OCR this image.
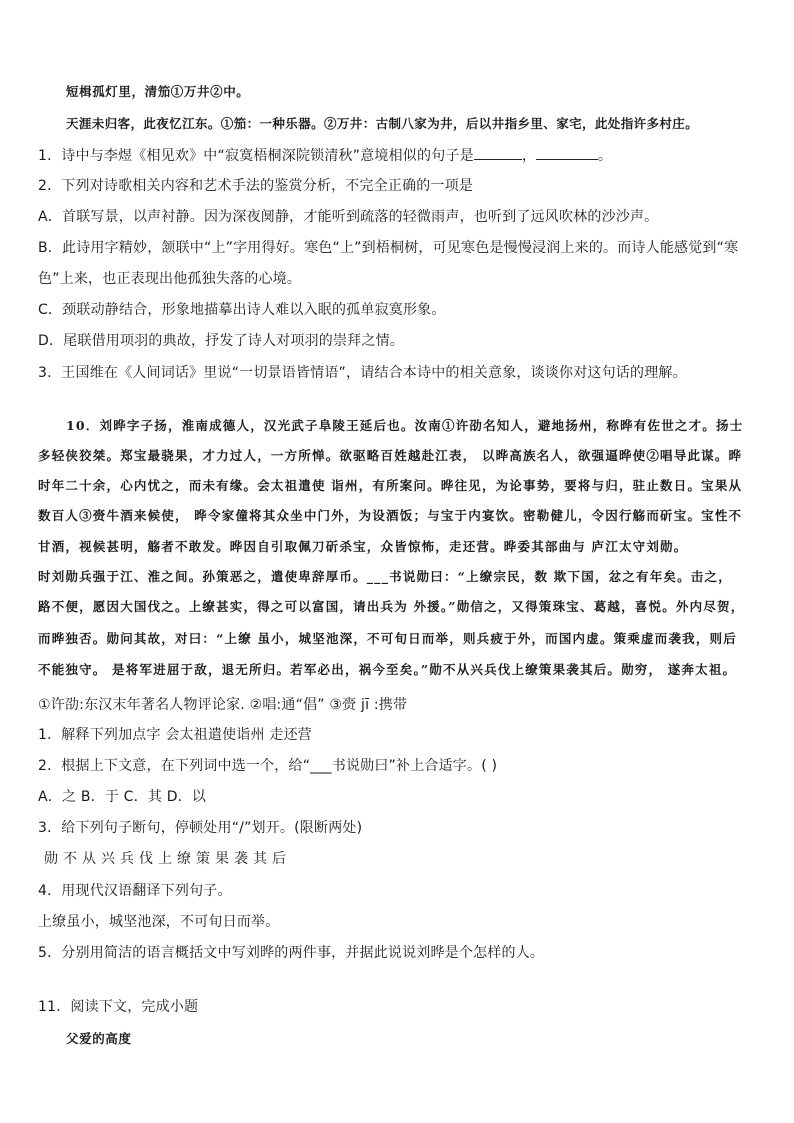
短楫孤灯里，清笳①万井②中。
天涯未归客，此夜忆江东。①笳：一种乐器。②万井：古制八家为井，后以井指乡里、家宅，此处指许多村庄。
1．诗中与李煜《相见欢》中“寂寞梧桐深院锁清秋”意境相似的句子是	，	。
2．下列对诗歌相关内容和艺术手法的鉴赏分析，不完全正确的一项是
A．首联写景，以声衬静。因为深夜阒静，才能听到疏落的轻微雨声，也听到了远风吹林的沙沙声。
B．此诗用字精妙，颔联中“上”字用得好。寒色“上”到梧桐树，可见寒色是慢慢浸润上来的。而诗人能感觉到“寒
色”上来，也正表现出他孤独失落的心境。
C．颈联动静结合，形象地描摹出诗人难以入眠的孤单寂寞形象。
D．尾联借用项羽的典故，抒发了诗人对项羽的崇拜之情。
3．王国维在《人间词话》里说“一切景语皆情语”，请结合本诗中的相关意象，谈谈你对这句话的理解。
10．刘晔字子扬，淮南成德人，汉光武子阜陵王延后也。汝南①许劭名知人，避地扬州，称晔有佐世之才。扬士
多轻侠狡桀。郑宝最骁果，才力过人，一方所惮。欲驱略百姓越赴江表， 以晔高族名人，欲强逼晔使②唱导此谋。晔
时年二十余，心内忧之，而未有缘。会太祖遣使 诣州，有所案问。晔往见，为论事势，要将与归，驻止数日。宝果从
数百人③赍牛酒来候使， 晔令家僮将其众坐中门外，为设酒饭；与宝于内宴饮。密勒健儿，令因行觞而斫宝。宝性不
甘酒，视候甚明，觞者不敢发。晔因自引取佩刀斫杀宝，众皆惊怖，走还营。晔委其部曲与 庐江太守刘勋。
时刘勋兵强于江、淮之间。孙策恶之，遣使卑辞厚币。___书说勋曰：“上缭宗民，数 欺下国，忿之有年矣。击之，
路不便，愿因大国伐之。上缭甚实，得之可以富国，请出兵为 外援。”勋信之，又得策珠宝、葛越，喜悦。外内尽贺，
而晔独否。勋问其故，对曰：“上缭 虽小，城坚池深，不可旬日而举，则兵疲于外，而国内虚。策乘虚而袭我，则后
不能独守。 是将军进屈于敌，退无所归。若军必出，祸今至矣。”勋不从兴兵伐上缭策果袭其后。勋穷， 遂奔太祖。
①许劭:东汉末年著名人物评论家. ②唱:通“倡” ③赍 jī :携带
1．解释下列加点字 会太祖遣使诣州 走还营
2．根据上下文意，在下列词中选一个，给“___书说勋曰”补上合适字。( )
A．之 B．于 C．其 D．以
3．给下列句子断句，停顿处用“/”划开。(限断两处)
勋不从兴兵伐上缭策果袭其后
4．用现代汉语翻译下列句子。
上缭虽小，城坚池深，不可旬日而举。
5．分别用简洁的语言概括文中写刘晔的两件事，并据此说说刘晔是个怎样的人。
11．阅读下文，完成小题
父爱的高度
